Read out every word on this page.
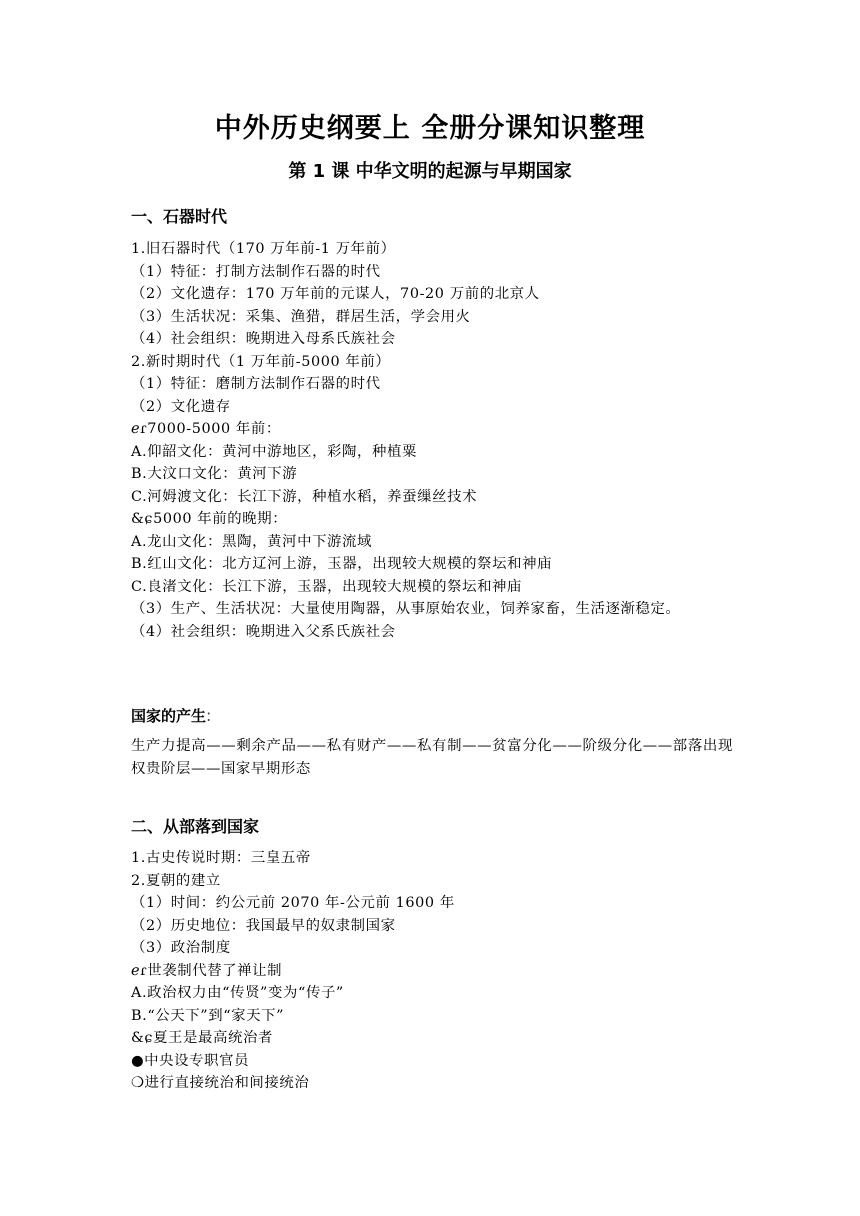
中外历史纲要上 全册分课知识整理
第 1 课 中华文明的起源与早期国家
一、石器时代
1.旧石器时代（170 万年前-1 万年前）
（1）特征：打制方法制作石器的时代
（2）文化遗存：170 万年前的元谋人，70-20 万前的北京人
（3）生活状况：采集、渔猎，群居生活，学会用火
（4）社会组织：晚期进入母系氏族社会
2.新时期时代（1 万年前-5000 年前）
（1）特征：磨制方法制作石器的时代
（2）文化遗存
ℯɾ7000-5000 年前：
A.仰韶文化：黄河中游地区，彩陶，种植粟
B.大汶口文化：黄河下游
C.河姆渡文化：长江下游，种植水稻，养蚕缫丝技术
&ɕ5000 年前的晚期：
A.龙山文化：黑陶，黄河中下游流域
B.红山文化：北方辽河上游，玉器，出现较大规模的祭坛和神庙
C.良渚文化：长江下游，玉器，出现较大规模的祭坛和神庙
（3）生产、生活状况：大量使用陶器，从事原始农业，饲养家畜，生活逐渐稳定。
（4）社会组织：晚期进入父系氏族社会
国家的产生:
生产力提高——剩余产品——私有财产——私有制——贫富分化——阶级分化——部落出现权贵阶层——国家早期形态
二、从部落到国家
1.古史传说时期：三皇五帝
2.夏朝的建立
（1）时间：约公元前 2070 年-公元前 1600 年
（2）历史地位：我国最早的奴隶制国家
（3）政治制度
ℯɾ世袭制代替了禅让制
A.政治权力由“传贤”变为“传子”
B.“公天下”到“家天下”
&ɕ夏王是最高统治者
●中央设专职官员
❍进行直接统治和间接统治
